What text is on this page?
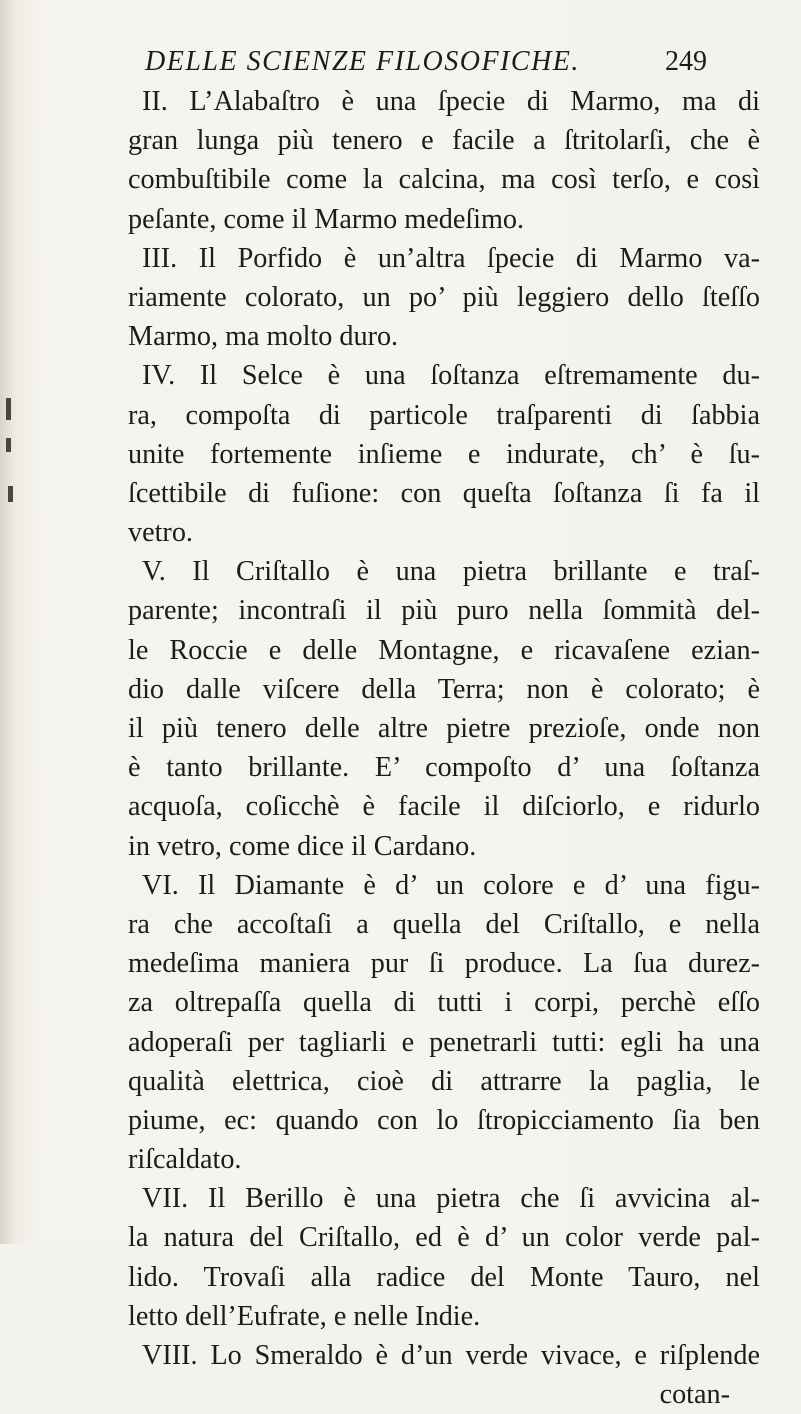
DELLE SCIENZE FILOSOFICHE.	249
II. L’Alabaſtro è una ſpecie di Marmo, ma di
gran lunga più tenero e facile a ſtritolarſi, che è
combuſtibile come la calcina, ma così terſo, e così
peſante, come il Marmo medeſimo.
III. Il Porfido è un’altra ſpecie di Marmo va-
riamente colorato, un po’ più leggiero dello ſteſſo
Marmo, ma molto duro.
IV. Il Selce è una ſoſtanza eſtremamente du-
ra, compoſta di particole traſparenti di ſabbia
unite fortemente inſieme e indurate, ch’ è ſu-
ſcettibile di fuſione: con queſta ſoſtanza ſi fa il
vetro.
V. Il Criſtallo è una pietra brillante e traſ-
parente; incontraſi il più puro nella ſommità del-
le Roccie e delle Montagne, e ricavaſene ezian-
dio dalle viſcere della Terra; non è colorato; è
il più tenero delle altre pietre prezioſe, onde non
è tanto brillante. E’ compoſto d’ una ſoſtanza
acquoſa, coſicchè è facile il diſciorlo, e ridurlo
in vetro, come dice il Cardano.
VI. Il Diamante è d’ un colore e d’ una figu-
ra che accoſtaſi a quella del Criſtallo, e nella
medeſima maniera pur ſi produce. La ſua durez-
za oltrepaſſa quella di tutti i corpi, perchè eſſo
adoperaſi per tagliarli e penetrarli tutti: egli ha una
qualità elettrica, cioè di attrarre la paglia, le
piume, ec: quando con lo ſtropicciamento ſia ben
riſcaldato.
VII. Il Berillo è una pietra che ſi avvicina al-
la natura del Criſtallo, ed è d’ un color verde pal-
lido. Trovaſi alla radice del Monte Tauro, nel
letto dell’Eufrate, e nelle Indie.
VIII. Lo Smeraldo è d’un verde vivace, e riſplende
cotan-
